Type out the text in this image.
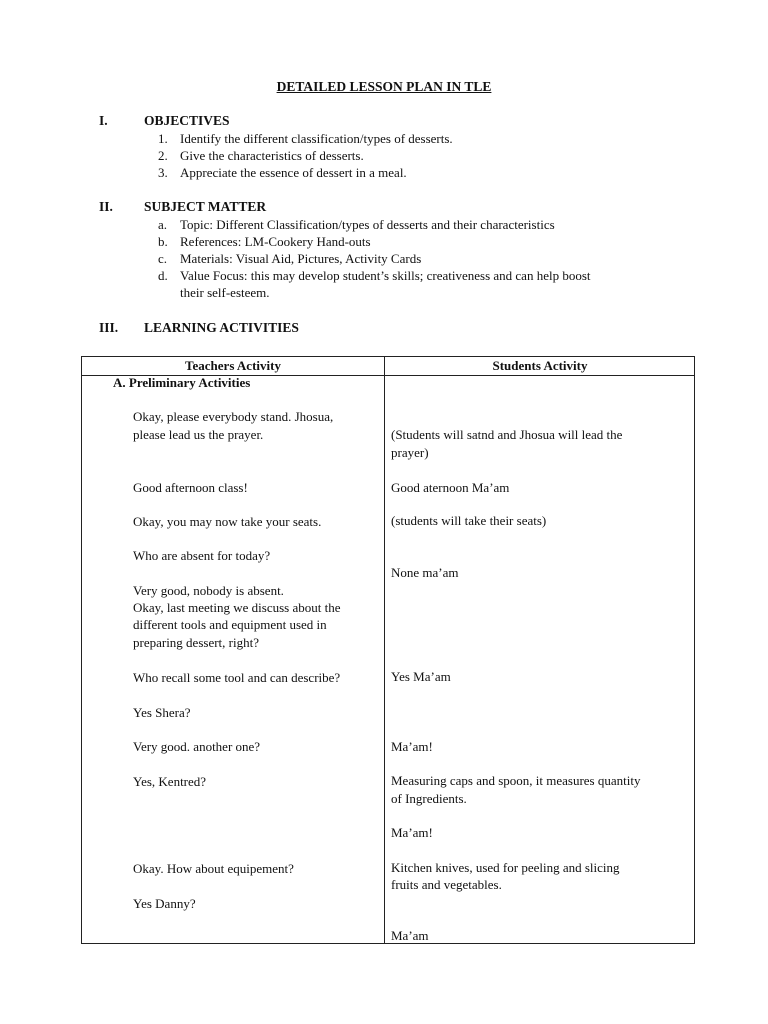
DETAILED LESSON PLAN IN TLE
I.	OBJECTIVES
1. Identify the different classification/types of desserts.
2. Give the characteristics of desserts.
3. Appreciate the essence of dessert in a meal.
II. SUBJECT MATTER
a. Topic: Different Classification/types of desserts and their characteristics
b. References: LM-Cookery Hand-outs
c. Materials: Visual Aid, Pictures, Activity Cards
d. Value Focus: this may develop student’s skills; creativeness and can help boost
their self-esteem.
III. LEARNING ACTIVITIES
Teachers Activity	Students Activity
A. Preliminary Activities
Okay, please everybody stand. Jhosua,
please lead us the prayer.
Good afternoon class!
Okay, you may now take your seats.
Who are absent for today?
Very good, nobody is absent.
Okay, last meeting we discuss about the
different tools and equipment used in
preparing dessert, right?
Who recall some tool and can describe?
Yes Shera?
Very good. another one?
Yes, Kentred?
Okay. How about equipement?
Yes Danny?
(Students will satnd and Jhosua will lead the
prayer)
Good aternoon Ma’am
(students will take their seats)
None ma’am
Yes Ma’am
Ma’am!
Measuring caps and spoon, it measures quantity
of Ingredients.
Ma’am!
Kitchen knives, used for peeling and slicing
fruits and vegetables.
Ma’am
